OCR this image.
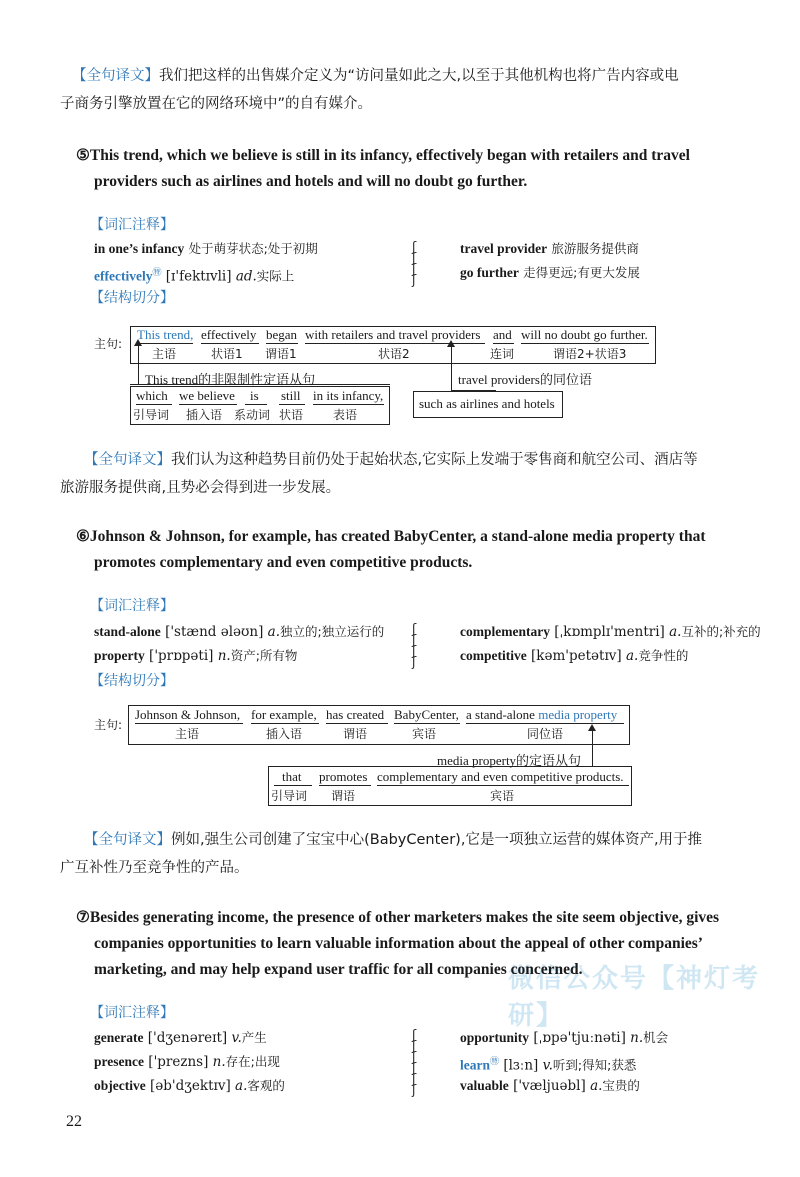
【全句译文】我们把这样的出售媒介定义为“访问量如此之大,以至于其他机构也将广告内容或电
子商务引擎放置在它的网络环境中”的自有媒介。
⑤This trend, which we believe is still in its infancy, effectively began with retailers and travel
providers such as airlines and hotels and will no doubt go further.
【词汇注释】
in one’s infancy 处于萌芽状态;处于初期
effectively㊕ [ɪ'fektɪvli] ad.实际上
ʃ
ʃ
ʃ
ʃ
travel provider 旅游服务提供商
go further 走得更远;有更大发展
【结构切分】
主句:
This trend,
主语
effectively
状语1
began
谓语1
with retailers and travel providers
状语2
and
连词
will no doubt go further.
谓语2+状语3
This trend的非限制性定语从句
which
引导词
we believe
插入语
is
系动词
still
状语
in its infancy,
表语
travel providers的同位语
such as airlines and hotels
【全句译文】我们认为这种趋势目前仍处于起始状态,它实际上发端于零售商和航空公司、酒店等
旅游服务提供商,且势必会得到进一步发展。
⑥Johnson & Johnson, for example, has created BabyCenter, a stand-alone media property that
promotes complementary and even competitive products.
【词汇注释】
stand-alone ['stænd ələʊn] a.独立的;独立运行的
property ['prɒpəti] n.资产;所有物
ʃ
ʃ
ʃ
ʃ
complementary [ˌkɒmplɪ'mentri] a.互补的;补充的
competitive [kəm'petətɪv] a.竞争性的
【结构切分】
主句:
Johnson & Johnson,
主语
for example,
插入语
has created
谓语
BabyCenter,
宾语
a stand-alone media property
同位语
media property的定语从句
that
引导词
promotes
谓语
complementary and even competitive products.
宾语
【全句译文】例如,强生公司创建了宝宝中心(BabyCenter),它是一项独立运营的媒体资产,用于推
广互补性乃至竞争性的产品。
微信公众号【神灯考研】
⑦Besides generating income, the presence of other marketers makes the site seem objective, gives
companies opportunities to learn valuable information about the appeal of other companies’
marketing, and may help expand user traffic for all companies concerned.
【词汇注释】
generate ['dʒenəreɪt] v.产生
presence ['prezns] n.存在;出现
objective [əb'dʒektɪv] a.客观的
ʃ
ʃ
ʃ
ʃ
ʃ
ʃ
opportunity [ˌɒpə'tjuːnəti] n.机会
learn㊕ [lɜːn] v.听到;得知;获悉
valuable ['væljuəbl] a.宝贵的
22
